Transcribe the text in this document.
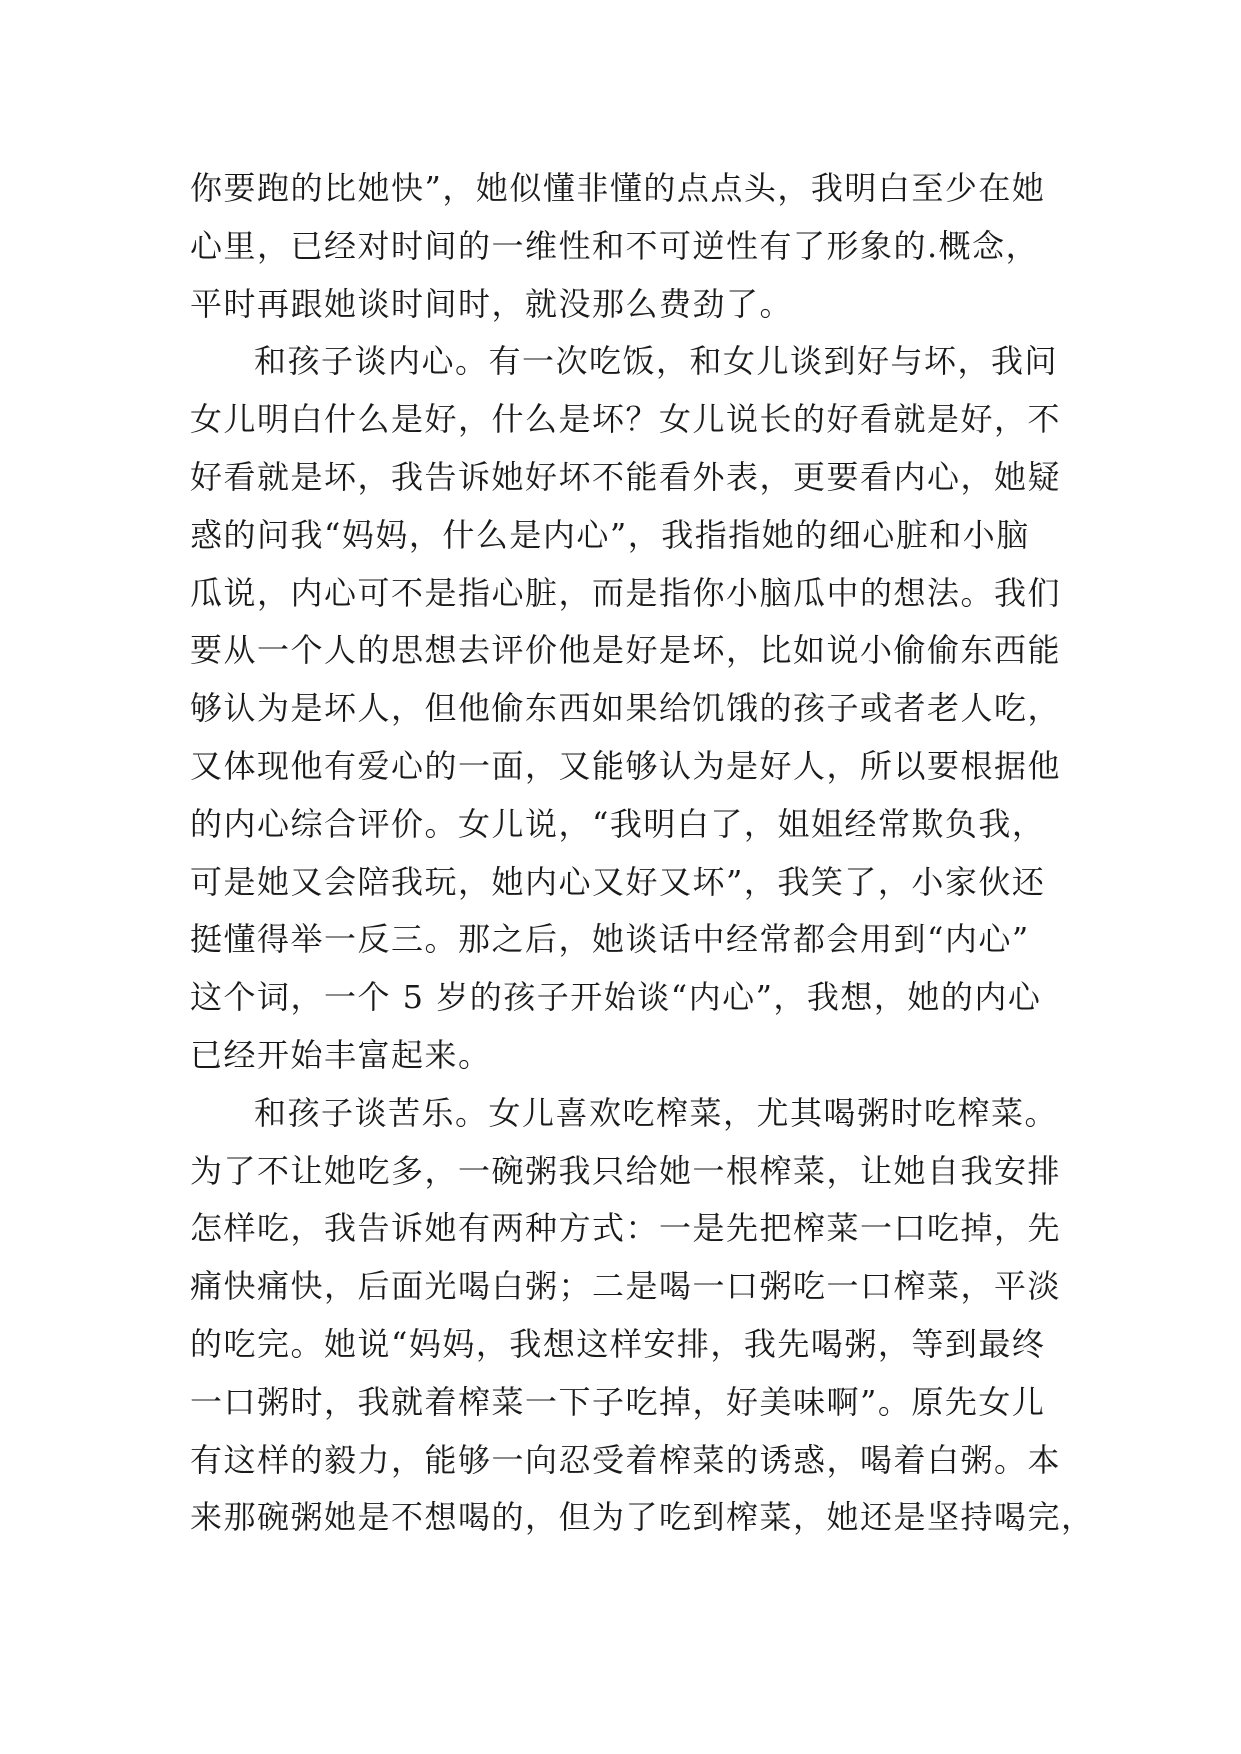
你要跑的比她快”，她似懂非懂的点点头，我明白至少在她
心里，已经对时间的一维性和不可逆性有了形象的.概念，
平时再跟她谈时间时，就没那么费劲了。
和孩子谈内心。有一次吃饭，和女儿谈到好与坏，我问
女儿明白什么是好，什么是坏？女儿说长的好看就是好，不
好看就是坏，我告诉她好坏不能看外表，更要看内心，她疑
惑的问我“妈妈，什么是内心”，我指指她的细心脏和小脑
瓜说，内心可不是指心脏，而是指你小脑瓜中的想法。我们
要从一个人的思想去评价他是好是坏，比如说小偷偷东西能
够认为是坏人，但他偷东西如果给饥饿的孩子或者老人吃，
又体现他有爱心的一面，又能够认为是好人，所以要根据他
的内心综合评价。女儿说，“我明白了，姐姐经常欺负我，
可是她又会陪我玩，她内心又好又坏”，我笑了，小家伙还
挺懂得举一反三。那之后，她谈话中经常都会用到“内心”
这个词，一个 5 岁的孩子开始谈“内心”，我想，她的内心
已经开始丰富起来。
和孩子谈苦乐。女儿喜欢吃榨菜，尤其喝粥时吃榨菜。
为了不让她吃多，一碗粥我只给她一根榨菜，让她自我安排
怎样吃，我告诉她有两种方式：一是先把榨菜一口吃掉，先
痛快痛快，后面光喝白粥；二是喝一口粥吃一口榨菜，平淡
的吃完。她说“妈妈，我想这样安排，我先喝粥，等到最终
一口粥时，我就着榨菜一下子吃掉，好美味啊”。原先女儿
有这样的毅力，能够一向忍受着榨菜的诱惑，喝着白粥。本
来那碗粥她是不想喝的，但为了吃到榨菜，她还是坚持喝完，
